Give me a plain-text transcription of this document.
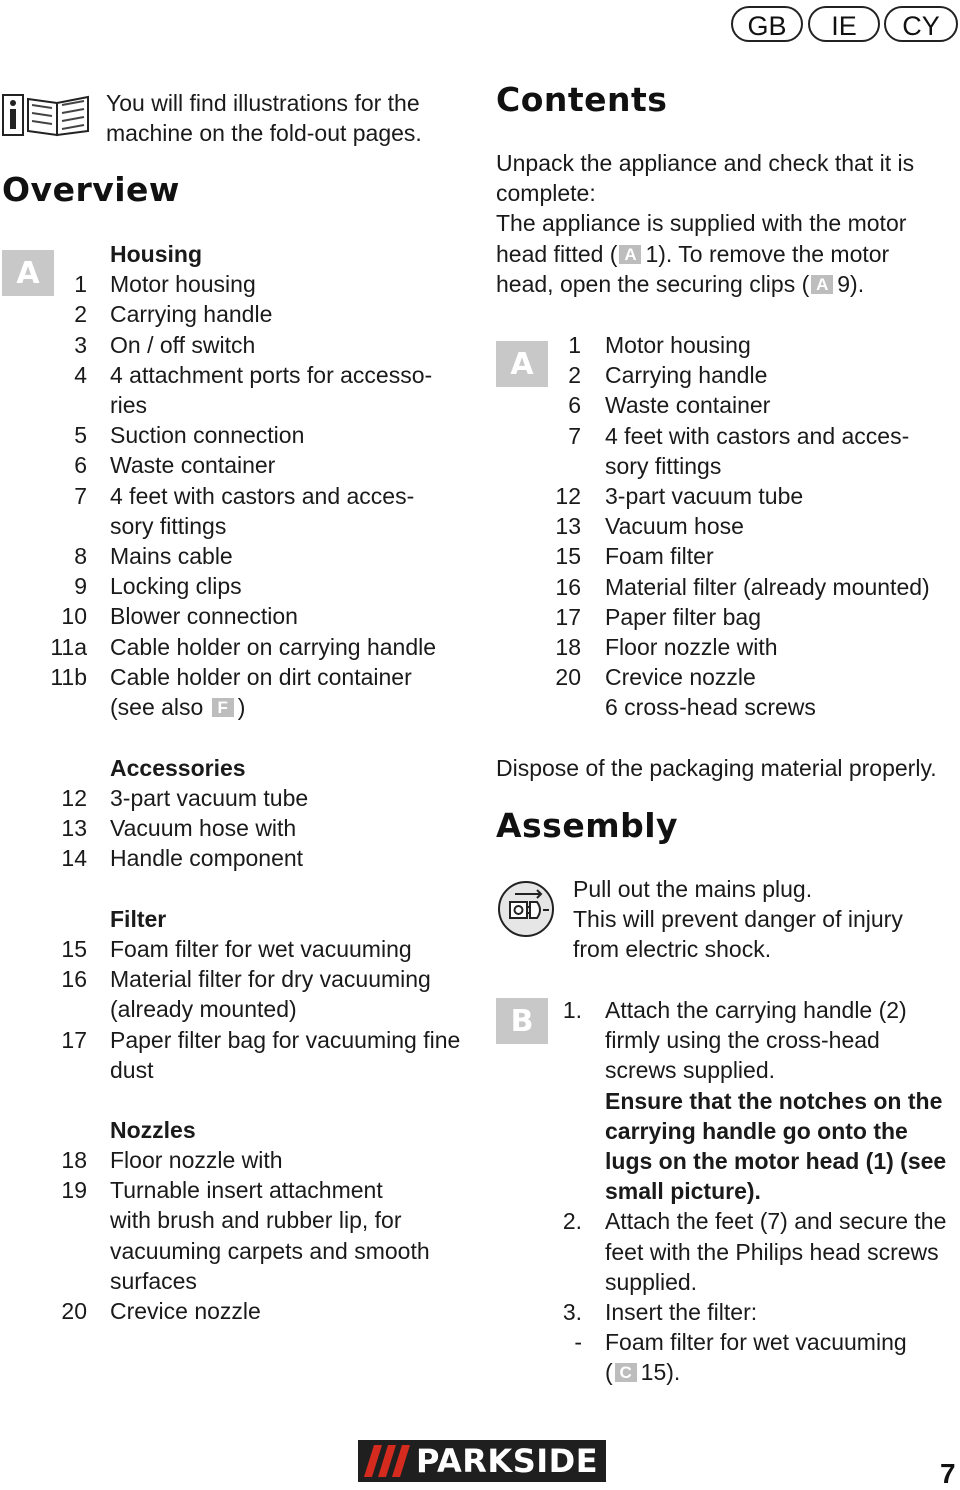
GB	IE	CY
You will find illustrations for the
machine on the fold-out pages.
Overview
A
Housing
1 Motor housing
2 Carrying handle
3 On / off switch
4 4 attachment ports for accesso-
ries
5 Suction connection
6 Waste container
7 4 feet with castors and acces-
sory fittings
8 Mains cable
9 Locking clips
10 Blower connection
11a Cable holder on carrying handle
11b Cable holder on dirt container
(see also F )
Accessories
12 3-part vacuum tube
13 Vacuum hose with
14 Handle component
Filter
15 Foam filter for wet vacuuming
16 Material filter for dry vacuuming
(already mounted)
17 Paper filter bag for vacuuming fine
dust
Nozzles
18 Floor nozzle with
19 Turnable insert attachment
with brush and rubber lip, for
vacuuming carpets and smooth
surfaces
20 Crevice nozzle
Contents
Unpack the appliance and check that it is
complete:
The appliance is supplied with the motor
head fitted ( A 1). To remove the motor
head, open the securing clips ( A 9).
A
1 Motor housing
2 Carrying handle
6 Waste container
7 4 feet with castors and acces-
sory fittings
12 3-part vacuum tube
13 Vacuum hose
15 Foam filter
16 Material filter (already mounted)
17 Paper filter bag
18 Floor nozzle with
20 Crevice nozzle
6 cross-head screws
Dispose of the packaging material properly.
Assembly
Pull out the mains plug.
This will prevent danger of injury
from electric shock.
B	1. Attach the carrying handle (2)
firmly using the cross-head
screws supplied.
Ensure that the notches on the
carrying handle go onto the
lugs on the motor head (1) (see
small picture).
2. Attach the feet (7) and secure the
feet with the Philips head screws
supplied.
3. Insert the filter:
- Foam filter for wet vacuuming
( C 15).
PARKSIDE	7
